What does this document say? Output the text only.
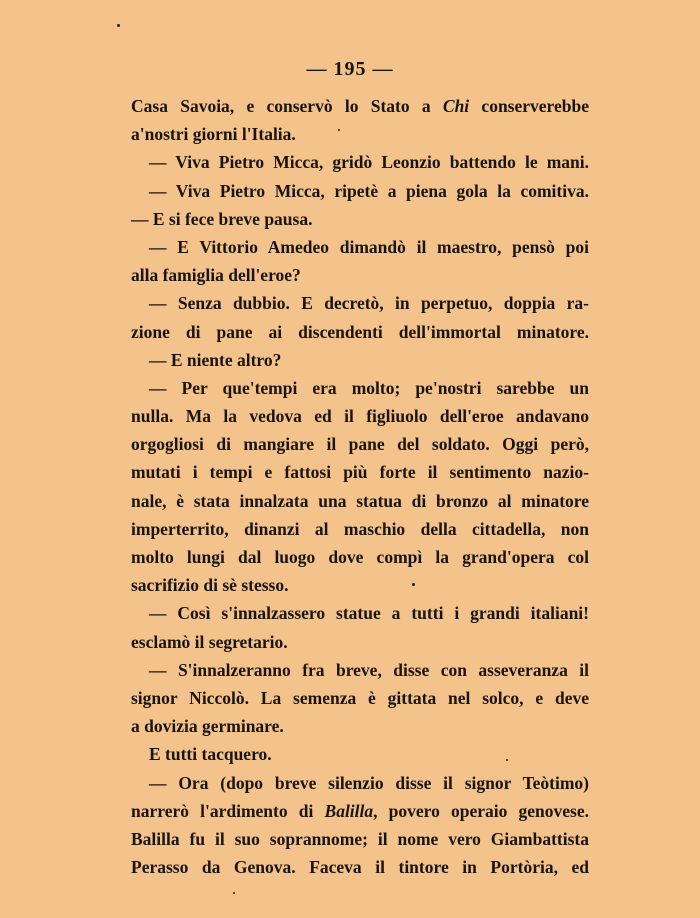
— 195 —
Casa Savoia, e conservò lo Stato a Chi conserverebbe
a'nostri giorni l'Italia.
— Viva Pietro Micca, gridò Leonzio battendo le mani.
— Viva Pietro Micca, ripetè a piena gola la comitiva.
— E si fece breve pausa.
— E Vittorio Amedeo dimandò il maestro, pensò poi
alla famiglia dell'eroe?
— Senza dubbio. E decretò, in perpetuo, doppia ra-
zione di pane ai discendenti dell'immortal minatore.
— E niente altro?
— Per que'tempi era molto; pe'nostri sarebbe un
nulla. Ma la vedova ed il figliuolo dell'eroe andavano
orgogliosi di mangiare il pane del soldato. Oggi però,
mutati i tempi e fattosi più forte il sentimento nazio-
nale, è stata innalzata una statua di bronzo al minatore
imperterrito, dinanzi al maschio della cittadella, non
molto lungi dal luogo dove compì la grand'opera col
sacrifizio di sè stesso.
— Così s'innalzassero statue a tutti i grandi italiani!
esclamò il segretario.
— S'innalzeranno fra breve, disse con asseveranza il
signor Niccolò. La semenza è gittata nel solco, e deve
a dovizia germinare.
E tutti tacquero.
— Ora (dopo breve silenzio disse il signor Teòtimo)
narrerò l'ardimento di Balilla, povero operaio genovese.
Balilla fu il suo soprannome; il nome vero Giambattista
Perasso da Genova. Faceva il tintore in Portòria, ed
